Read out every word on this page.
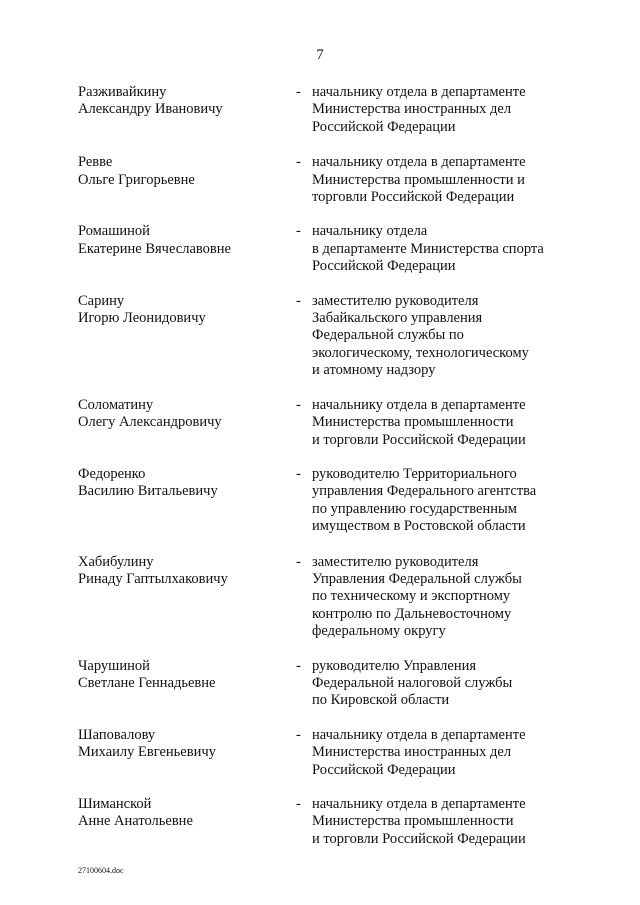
7
Разживайкину
Александру Ивановичу
- начальнику отдела в департаменте
Министерства иностранных дел
Российской Федерации
Ревве
Ольге Григорьевне
- начальнику отдела в департаменте
Министерства промышленности и
торговли Российской Федерации
Ромашиной
Екатерине Вячеславовне
- начальнику отдела
в департаменте Министерства спорта
Российской Федерации
Сарину
Игорю Леонидовичу
- заместителю руководителя
Забайкальского управления
Федеральной службы по
экологическому, технологическому
и атомному надзору
Соломатину
Олегу Александровичу
- начальнику отдела в департаменте
Министерства промышленности
и торговли Российской Федерации
Федоренко
Василию Витальевичу
- руководителю Территориального
управления Федерального агентства
по управлению государственным
имуществом в Ростовской области
Хабибулину
Ринаду Гаптылхаковичу
- заместителю руководителя
Управления Федеральной службы
по техническому и экспортному
контролю по Дальневосточному
федеральному округу
Чарушиной
Светлане Геннадьевне
- руководителю Управления
Федеральной налоговой службы
по Кировской области
Шаповалову
Михаилу Евгеньевичу
- начальнику отдела в департаменте
Министерства иностранных дел
Российской Федерации
Шиманской
Анне Анатольевне
- начальнику отдела в департаменте
Министерства промышленности
и торговли Российской Федерации
27100604.doc
